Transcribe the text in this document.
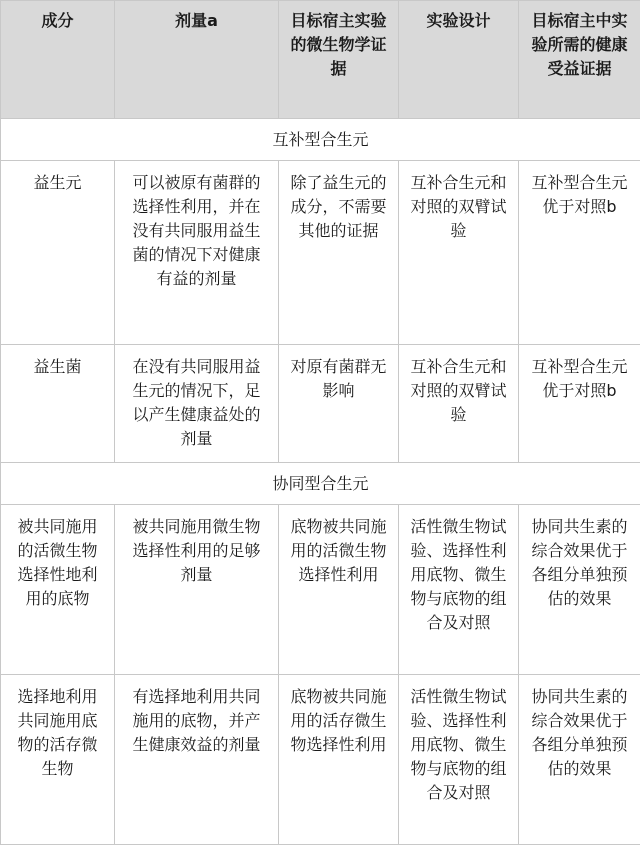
成分	剂量a	目标宿主实验的微生物学证据	实验设计	目标宿主中实验所需的健康受益证据
互补型合生元				
益生元	可以被原有菌群的选择性利用，并在没有共同服用益生菌的情况下对健康有益的剂量	除了益生元的成分，不需要其他的证据	互补合生元和对照的双臂试验	互补型合生元优于对照b
益生菌	在没有共同服用益生元的情况下，足以产生健康益处的剂量	对原有菌群无影响	互补合生元和对照的双臂试验	互补型合生元优于对照b
协同型合生元				
被共同施用的活微生物选择性地利用的底物	被共同施用微生物选择性利用的足够剂量	底物被共同施用的活微生物选择性利用	活性微生物试验、选择性利用底物、微生物与底物的组合及对照	协同共生素的综合效果优于各组分单独预估的效果
选择地利用共同施用底物的活存微生物	有选择地利用共同施用的底物，并产生健康效益的剂量	底物被共同施用的活存微生物选择性利用	活性微生物试验、选择性利用底物、微生物与底物的组合及对照	协同共生素的综合效果优于各组分单独预估的效果
